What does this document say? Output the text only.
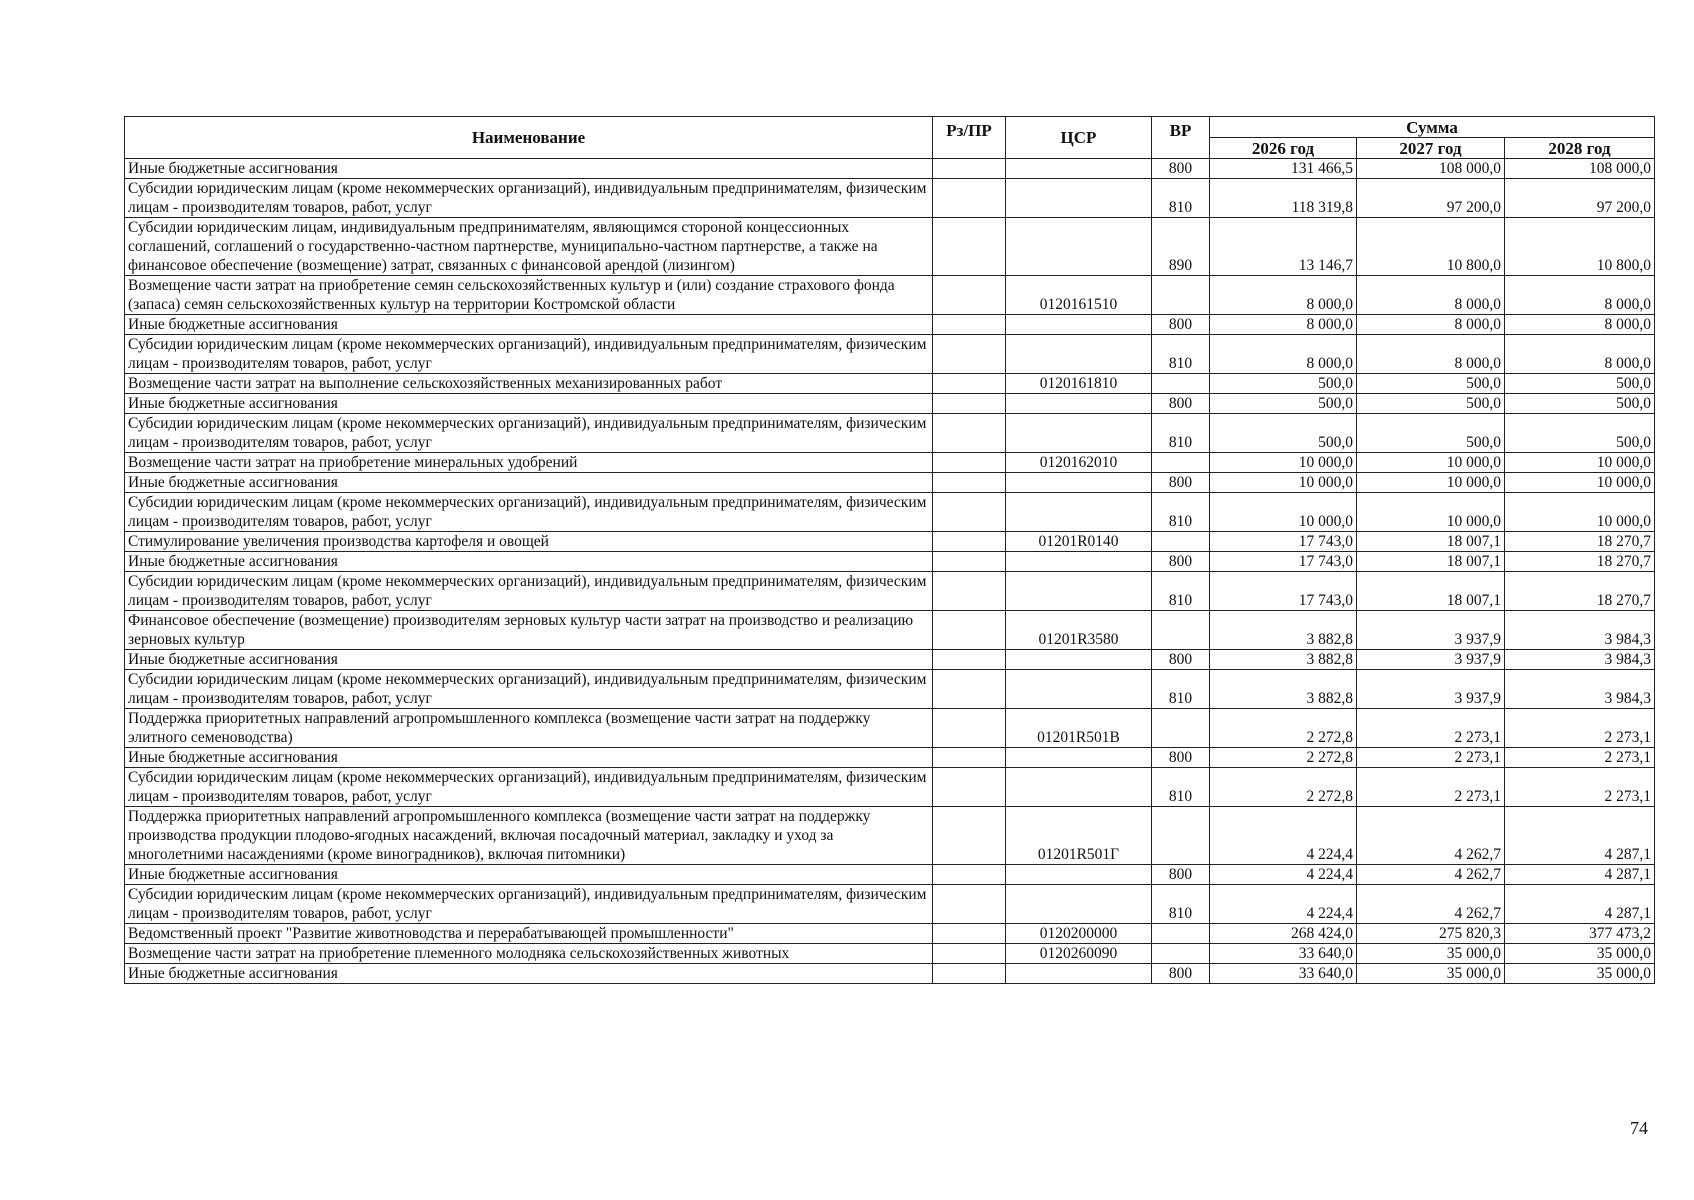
Наименование	Рз/ПР	ЦСР	ВР	Сумма		
				2026 год	2027 год	2028 год
Иные бюджетные ассигнования			800	131 466,5	108 000,0	108 000,0
Субсидии юридическим лицам (кроме некоммерческих организаций), индивидуальным предпринимателям, физическим лицам - производителям товаров, работ, услуг			810	118 319,8	97 200,0	97 200,0
Субсидии юридическим лицам, индивидуальным предпринимателям, являющимся стороной концессионных соглашений, соглашений о государственно-частном партнерстве, муниципально-частном партнерстве, а также на финансовое обеспечение (возмещение) затрат, связанных с финансовой арендой (лизингом)			890	13 146,7	10 800,0	10 800,0
Возмещение части затрат на приобретение семян сельскохозяйственных культур и (или) создание страхового фонда (запаса) семян сельскохозяйственных культур на территории Костромской области		0120161510		8 000,0	8 000,0	8 000,0
Иные бюджетные ассигнования			800	8 000,0	8 000,0	8 000,0
Субсидии юридическим лицам (кроме некоммерческих организаций), индивидуальным предпринимателям, физическим лицам - производителям товаров, работ, услуг			810	8 000,0	8 000,0	8 000,0
Возмещение части затрат на выполнение сельскохозяйственных механизированных работ		0120161810		500,0	500,0	500,0
Иные бюджетные ассигнования			800	500,0	500,0	500,0
Субсидии юридическим лицам (кроме некоммерческих организаций), индивидуальным предпринимателям, физическим лицам - производителям товаров, работ, услуг			810	500,0	500,0	500,0
Возмещение части затрат на приобретение минеральных удобрений		0120162010		10 000,0	10 000,0	10 000,0
Иные бюджетные ассигнования			800	10 000,0	10 000,0	10 000,0
Субсидии юридическим лицам (кроме некоммерческих организаций), индивидуальным предпринимателям, физическим лицам - производителям товаров, работ, услуг			810	10 000,0	10 000,0	10 000,0
Стимулирование увеличения производства картофеля и овощей		01201R0140		17 743,0	18 007,1	18 270,7
Иные бюджетные ассигнования			800	17 743,0	18 007,1	18 270,7
Субсидии юридическим лицам (кроме некоммерческих организаций), индивидуальным предпринимателям, физическим лицам - производителям товаров, работ, услуг			810	17 743,0	18 007,1	18 270,7
Финансовое обеспечение (возмещение) производителям зерновых культур части затрат на производство и реализацию зерновых культур		01201R3580		3 882,8	3 937,9	3 984,3
Иные бюджетные ассигнования			800	3 882,8	3 937,9	3 984,3
Субсидии юридическим лицам (кроме некоммерческих организаций), индивидуальным предпринимателям, физическим лицам - производителям товаров, работ, услуг			810	3 882,8	3 937,9	3 984,3
Поддержка приоритетных направлений агропромышленного комплекса (возмещение части затрат на поддержку элитного семеноводства)		01201R501B		2 272,8	2 273,1	2 273,1
Иные бюджетные ассигнования			800	2 272,8	2 273,1	2 273,1
Субсидии юридическим лицам (кроме некоммерческих организаций), индивидуальным предпринимателям, физическим лицам - производителям товаров, работ, услуг			810	2 272,8	2 273,1	2 273,1
Поддержка приоритетных направлений агропромышленного комплекса (возмещение части затрат на поддержку производства продукции плодово-ягодных насаждений, включая посадочный материал, закладку и уход за многолетними насаждениями (кроме виноградников), включая питомники)		01201R501Г		4 224,4	4 262,7	4 287,1
Иные бюджетные ассигнования			800	4 224,4	4 262,7	4 287,1
Субсидии юридическим лицам (кроме некоммерческих организаций), индивидуальным предпринимателям, физическим лицам - производителям товаров, работ, услуг			810	4 224,4	4 262,7	4 287,1
Ведомственный проект "Развитие животноводства и перерабатывающей промышленности"		0120200000		268 424,0	275 820,3	377 473,2
Возмещение части затрат на приобретение племенного молодняка сельскохозяйственных животных		0120260090		33 640,0	35 000,0	35 000,0
Иные бюджетные ассигнования			800	33 640,0	35 000,0	35 000,0
74
